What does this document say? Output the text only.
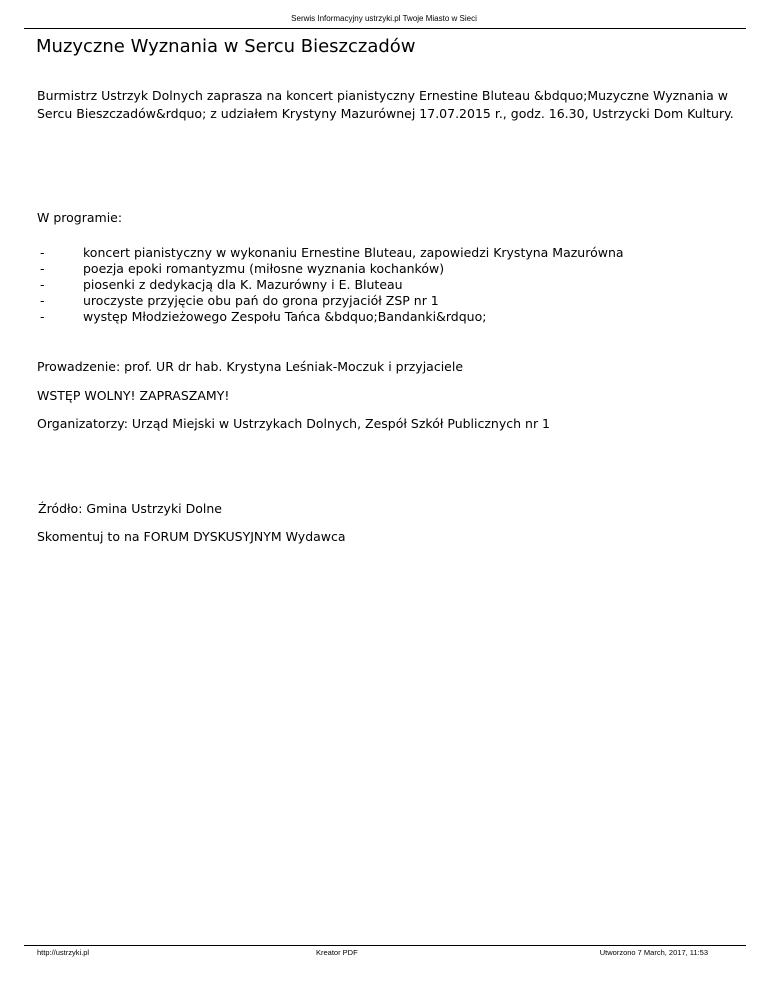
Serwis Informacyjny ustrzyki.pl Twoje Miasto w Sieci
Muzyczne Wyznania w Sercu Bieszczadów
Burmistrz Ustrzyk Dolnych zaprasza na koncert pianistyczny Ernestine Bluteau &bdquo;Muzyczne Wyznania w Sercu Bieszczadów&rdquo; z udziałem Krystyny Mazurównej 17.07.2015 r., godz. 16.30, Ustrzycki Dom Kultury.
W programie:
-	koncert pianistyczny w wykonaniu Ernestine Bluteau, zapowiedzi Krystyna Mazurówna
-	poezja epoki romantyzmu (miłosne wyznania kochanków)
-	piosenki z dedykacją dla K. Mazurówny i E. Bluteau
-	uroczyste przyjęcie obu pań do grona przyjaciół ZSP nr 1
-	występ Młodzieżowego Zespołu Tańca &bdquo;Bandanki&rdquo;
Prowadzenie: prof. UR dr hab. Krystyna Leśniak-Moczuk i przyjaciele
WSTĘP WOLNY! ZAPRASZAMY!
Organizatorzy: Urząd Miejski w Ustrzykach Dolnych, Zespół Szkół Publicznych nr 1
Źródło: Gmina Ustrzyki Dolne
Skomentuj to na FORUM DYSKUSYJNYM Wydawca
http://ustrzyki.pl	Kreator PDF	Utworzono 7 March, 2017, 11:53
